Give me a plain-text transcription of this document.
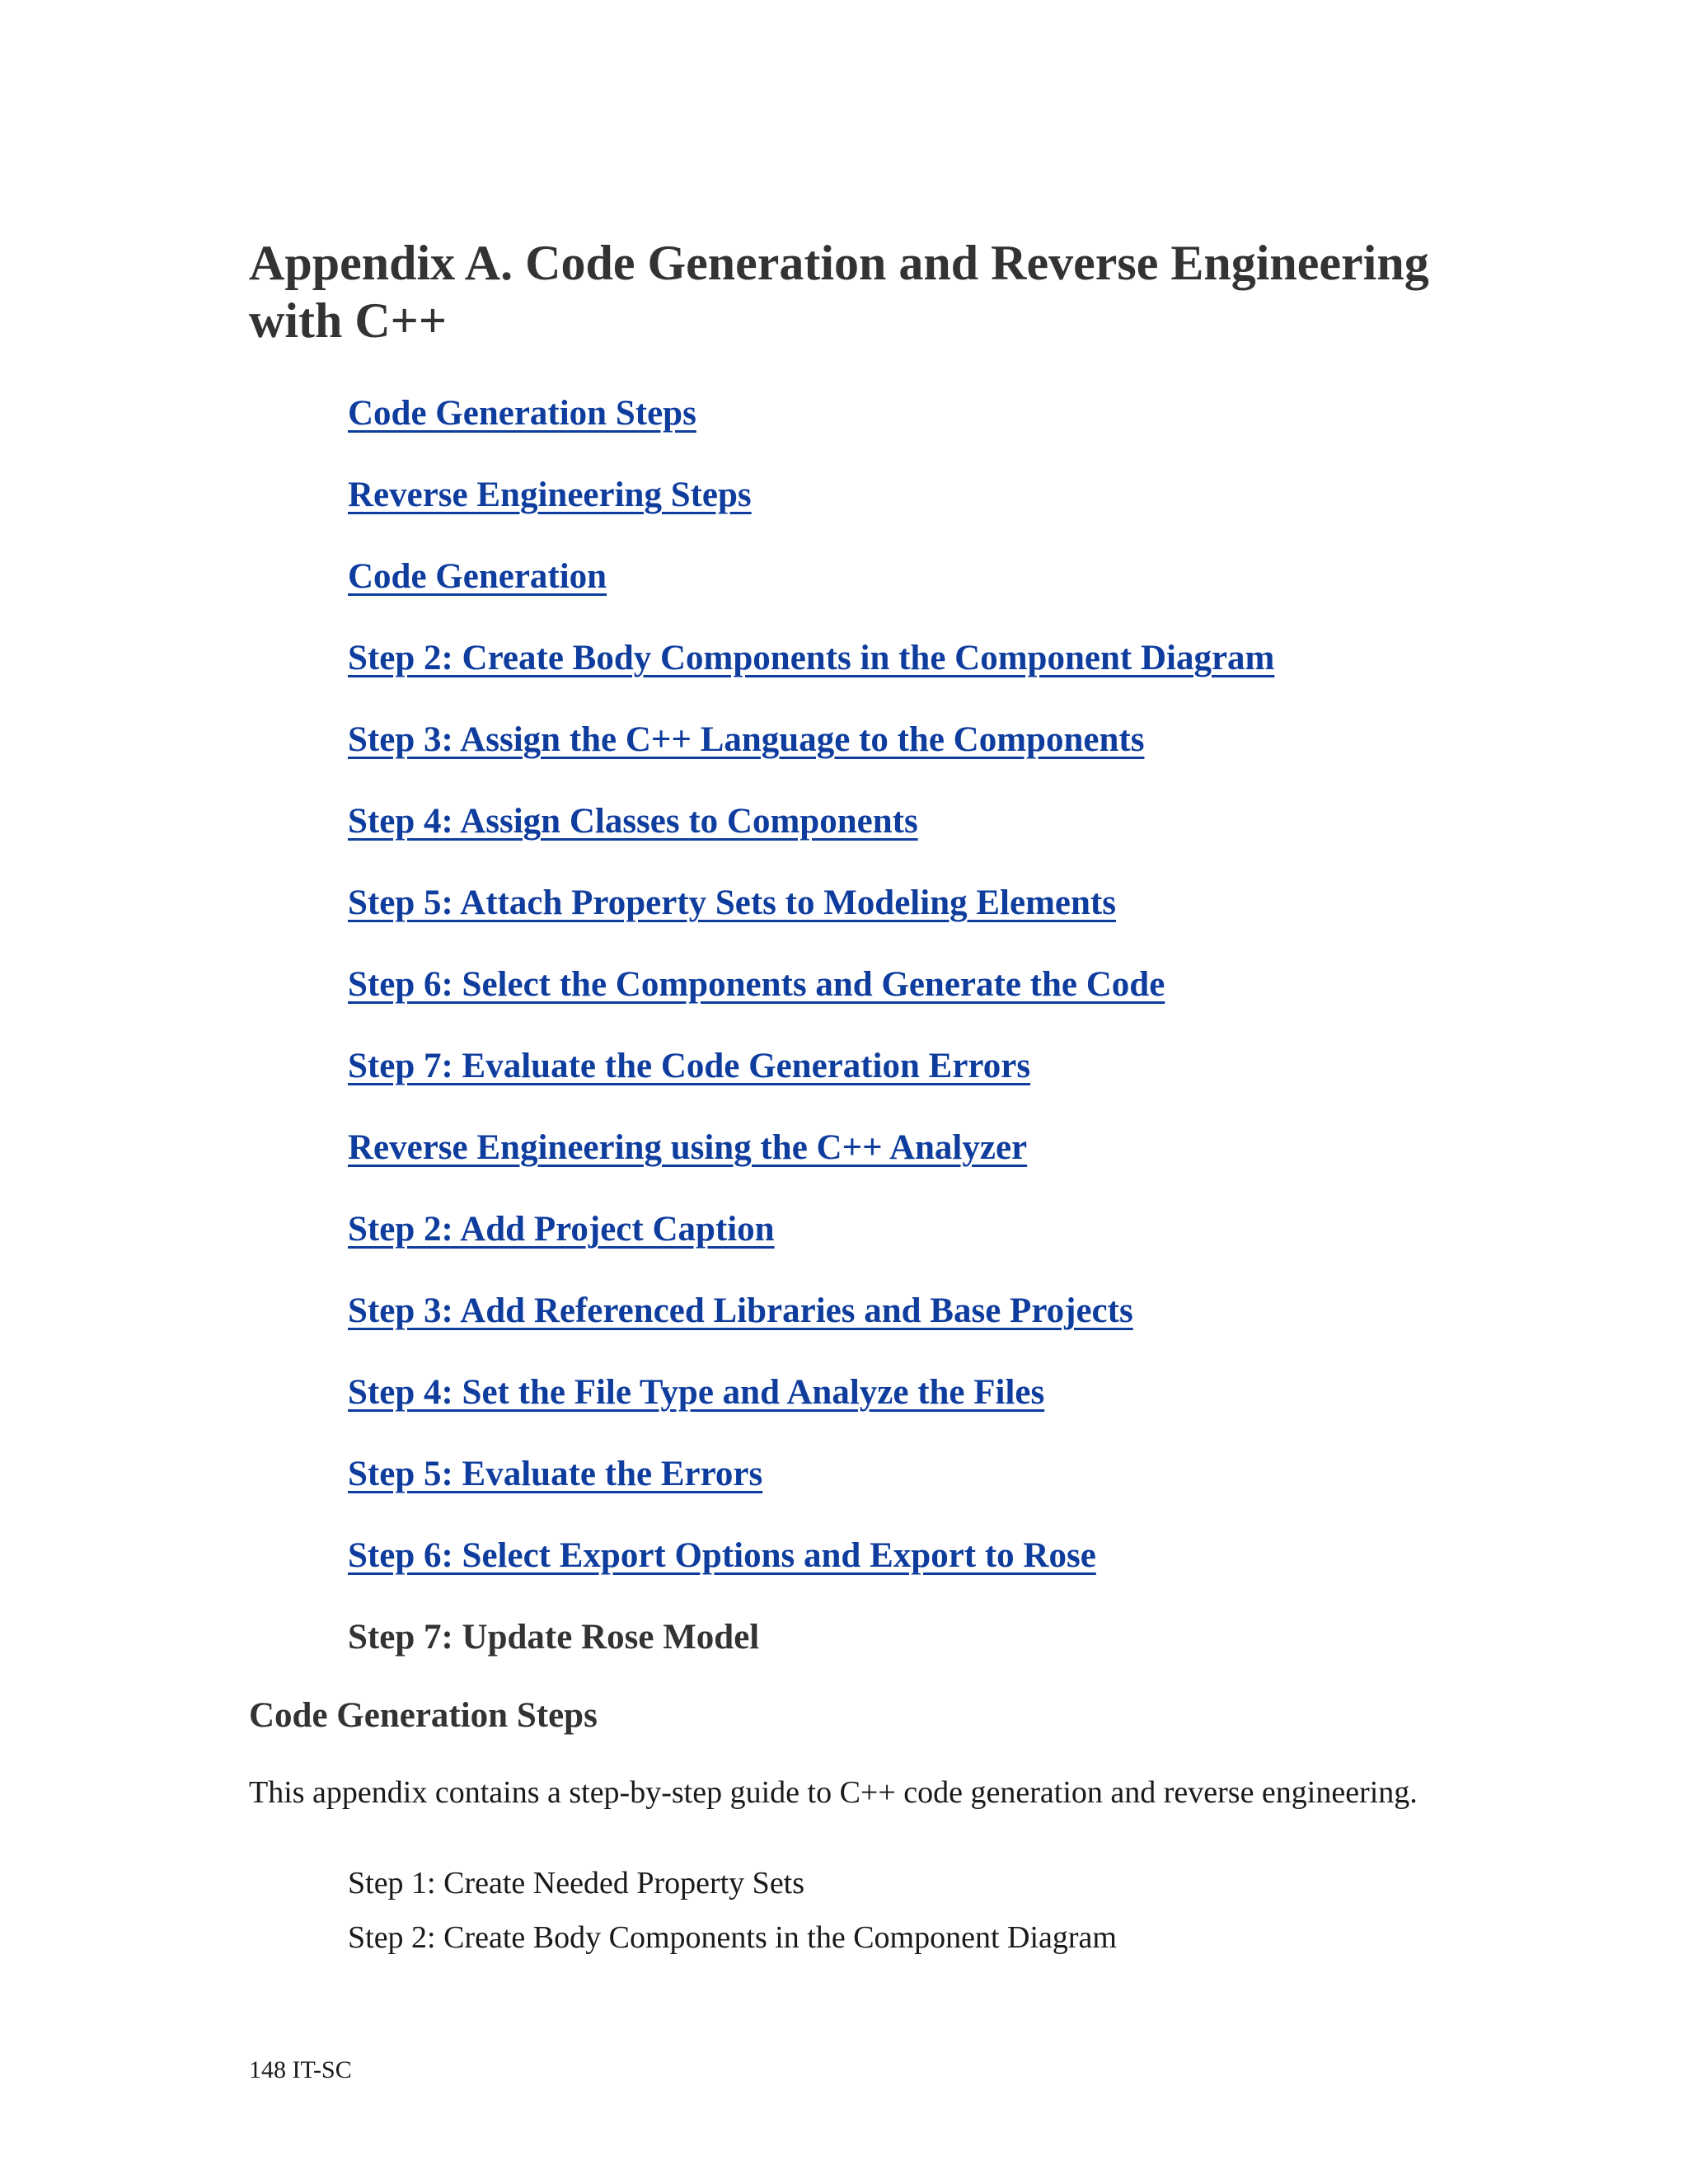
Appendix A. Code Generation and Reverse Engineering with C++
Code Generation Steps
Reverse Engineering Steps
Code Generation
Step 2: Create Body Components in the Component Diagram
Step 3: Assign the C++ Language to the Components
Step 4: Assign Classes to Components
Step 5: Attach Property Sets to Modeling Elements
Step 6: Select the Components and Generate the Code
Step 7: Evaluate the Code Generation Errors
Reverse Engineering using the C++ Analyzer
Step 2: Add Project Caption
Step 3: Add Referenced Libraries and Base Projects
Step 4: Set the File Type and Analyze the Files
Step 5: Evaluate the Errors
Step 6: Select Export Options and Export to Rose
Step 7: Update Rose Model
Code Generation Steps

This appendix contains a step-by-step guide to C++ code generation and reverse engineering.

Step 1: Create Needed Property Sets
Step 2: Create Body Components in the Component Diagram
148 IT-SC
